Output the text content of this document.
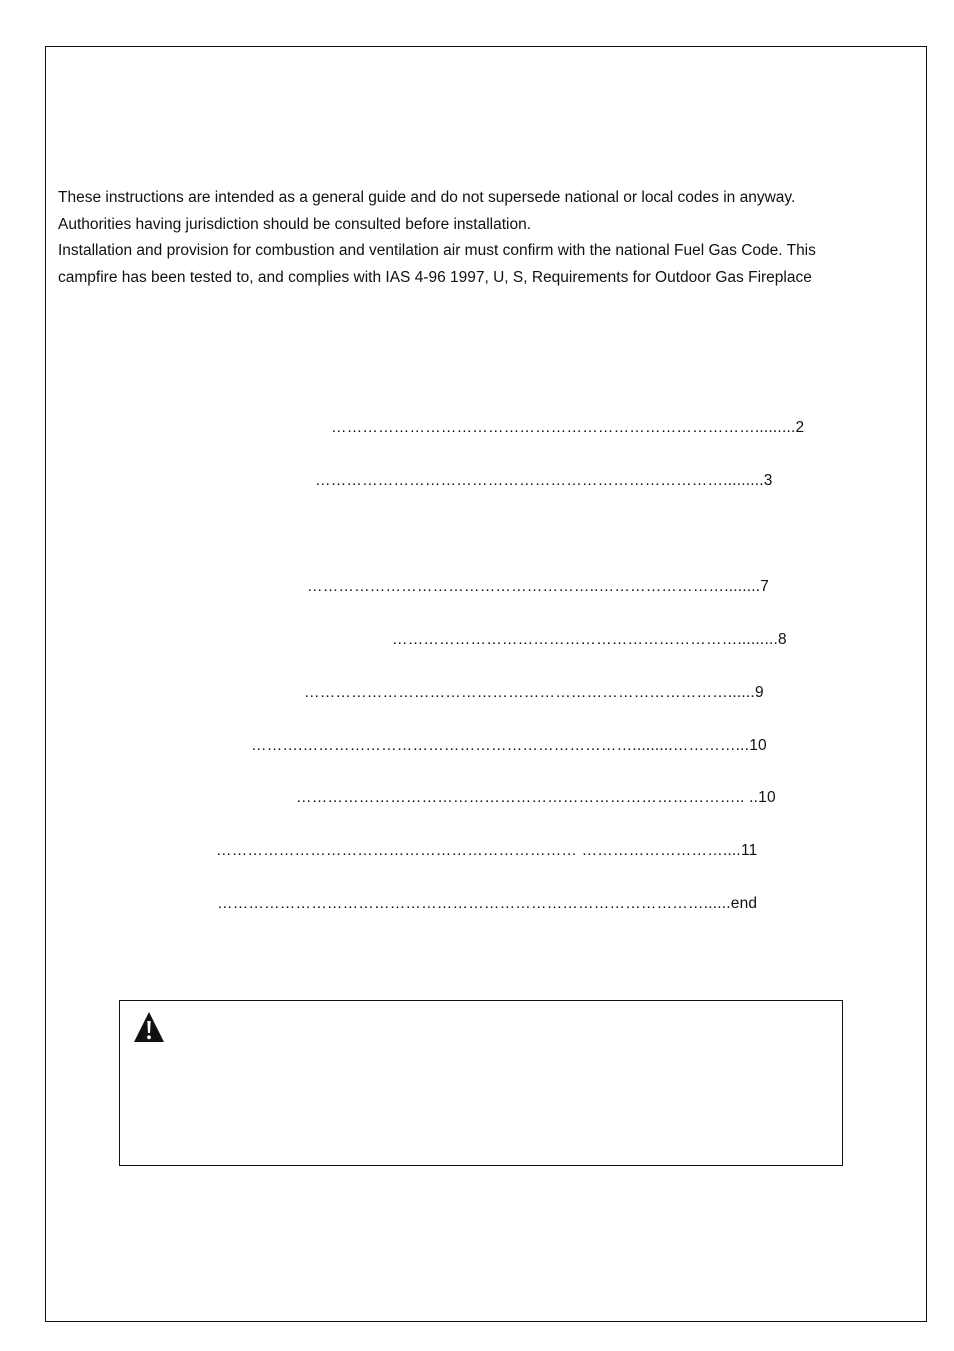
These instructions are intended as a general guide and do not supersede national or local codes in anyway.
Authorities having jurisdiction should be consulted before installation.
Installation and provision for combustion and ventilation air must confirm with the national Fuel Gas Code. This
campfire has been tested to, and complies with IAS 4-96 1997, U, S, Requirements for Outdoor Gas Fireplace
……………………………………………………………………….........2
…………………………………………………………………….........3
………………………………………………..……………………........7
………………………………………………………….........8
………………………………………………………………………......9
……….……………………………………………………….........…………...10
………………………………………………………………………….. ..10
…………………………………………………………… ………………………....11
…………………………………………………………………………………......end
